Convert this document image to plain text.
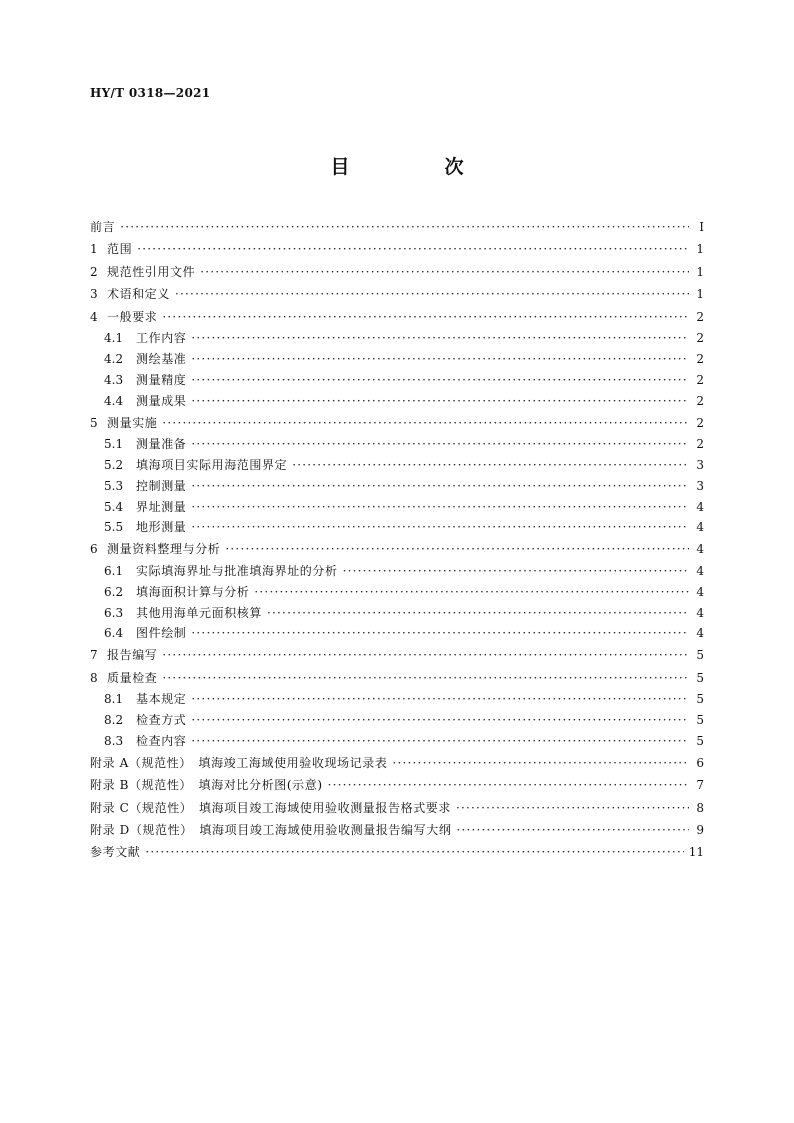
HY/T 0318—2021
目　次
前言 ·····	Ⅰ
1 范围 ·····	1
2 规范性引用文件 ·····	1
3 术语和定义 ·····	1
4 一般要求 ·····	2
4.1	工作内容 ·····	2
4.2	测绘基准 ·····	2
4.3	测量精度 ·····	2
4.4	测量成果 ·····	2
5 测量实施 ·····	2
5.1	测量准备 ·····	2
5.2	填海项目实际用海范围界定 ·····	3
5.3	控制测量 ·····	3
5.4	界址测量 ·····	4
5.5	地形测量 ·····	4
6 测量资料整理与分析 ·····	4
6.1	实际填海界址与批准填海界址的分析 ·····	4
6.2	填海面积计算与分析 ·····	4
6.3	其他用海单元面积核算 ·····	4
6.4	图件绘制 ·····	4
7 报告编写 ·····	5
8 质量检查 ·····	5
8.1	基本规定 ·····	5
8.2	检查方式 ·····	5
8.3	检查内容 ·····	5
附录 A（规范性）　填海竣工海域使用验收现场记录表 ·····	6
附录 B（规范性）　填海对比分析图(示意) ·····	7
附录 C（规范性）　填海项目竣工海域使用验收测量报告格式要求 ·····	8
附录 D（规范性）　填海项目竣工海域使用验收测量报告编写大纲 ·····	9
参考文献 ·····	11
